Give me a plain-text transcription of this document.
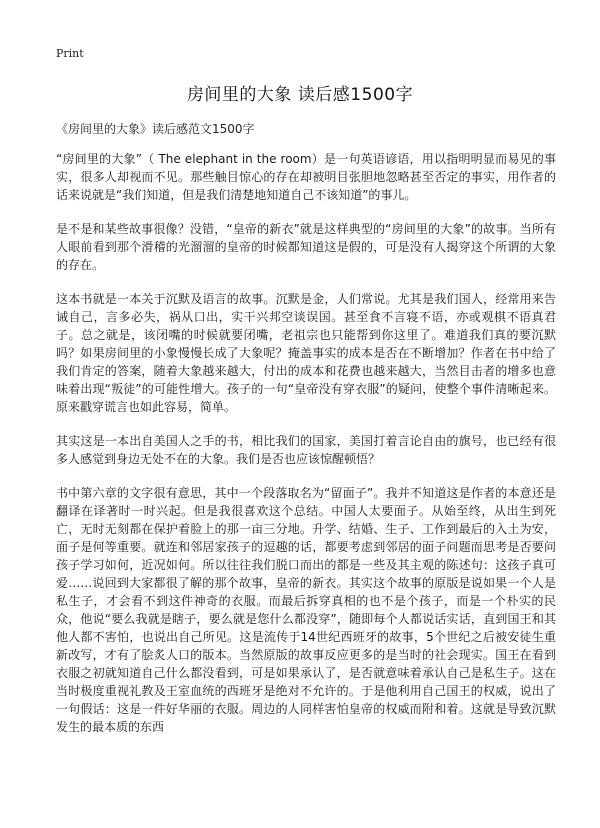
Print
房间里的大象 读后感1500字
《房间里的大象》读后感范文1500字

“房间里的大象”（ The elephant in the room）是一句英语谚语，用以指明明显而易见的事实，很多人却视而不见。那些触目惊心的存在却被明目张胆地忽略甚至否定的事实，用作者的话来说就是“我们知道，但是我们清楚地知道自己不该知道”的事儿。

是不是和某些故事很像？没错，“皇帝的新衣”就是这样典型的“房间里的大象”的故事。当所有人眼前看到那个滑稽的光溜溜的皇帝的时候都知道这是假的，可是没有人揭穿这个所谓的大象的存在。

这本书就是一本关于沉默及语言的故事。沉默是金，人们常说。尤其是我们国人，经常用来告诫自己，言多必失，祸从口出，实干兴邦空谈误国。甚至食不言寝不语，亦或观棋不语真君子。总之就是，该闭嘴的时候就要闭嘴，老祖宗也只能帮到你这里了。难道我们真的要沉默吗？如果房间里的小象慢慢长成了大象呢？掩盖事实的成本是否在不断增加？作者在书中给了我们肯定的答案，随着大象越来越大，付出的成本和花费也越来越大，当然目击者的增多也意味着出现“叛徒”的可能性增大。孩子的一句“皇帝没有穿衣服”的疑问，使整个事件清晰起来。原来戳穿谎言也如此容易，简单。

其实这是一本出自美国人之手的书，相比我们的国家，美国打着言论自由的旗号，也已经有很多人感觉到身边无处不在的大象。我们是否也应该惊醒顿悟？

书中第六章的文字很有意思，其中一个段落取名为“留面子”。我并不知道这是作者的本意还是翻译在译著时一时兴起。但是我很喜欢这个总结。中国人太要面子。从始至终，从出生到死亡，无时无刻都在保护着脸上的那一亩三分地。升学、结婚、生子、工作到最后的入土为安，面子是何等重要。就连和邻居家孩子的逗趣的话，都要考虑到邻居的面子问题而思考是否要问孩子学习如何，近况如何。所以往往我们脱口而出的都是一些及其主观的陈述句：这孩子真可爱……说回到大家都很了解的那个故事，皇帝的新衣。其实这个故事的原版是说如果一个人是私生子，才会看不到这件神奇的衣服。而最后拆穿真相的也不是个孩子，而是一个朴实的民众，他说“要么我就是瞎子，要么就是您什么都没穿”，随即每个人都说话实话，直到国王和其他人都不害怕，也说出自己所见。这是流传于14世纪西班牙的故事，5个世纪之后被安徒生重新改写，才有了脍炙人口的版本。当然原版的故事反应更多的是当时的社会现实。国王在看到衣服之初就知道自己什么都没看到，可是如果承认了，是否就意味着承认自己是私生子。这在当时极度重视礼教及王室血统的西班牙是绝对不允许的。于是他利用自己国王的权威，说出了一句假话：这是一件好华丽的衣服。周边的人同样害怕皇帝的权威而附和着。这就是导致沉默发生的最本质的东西
